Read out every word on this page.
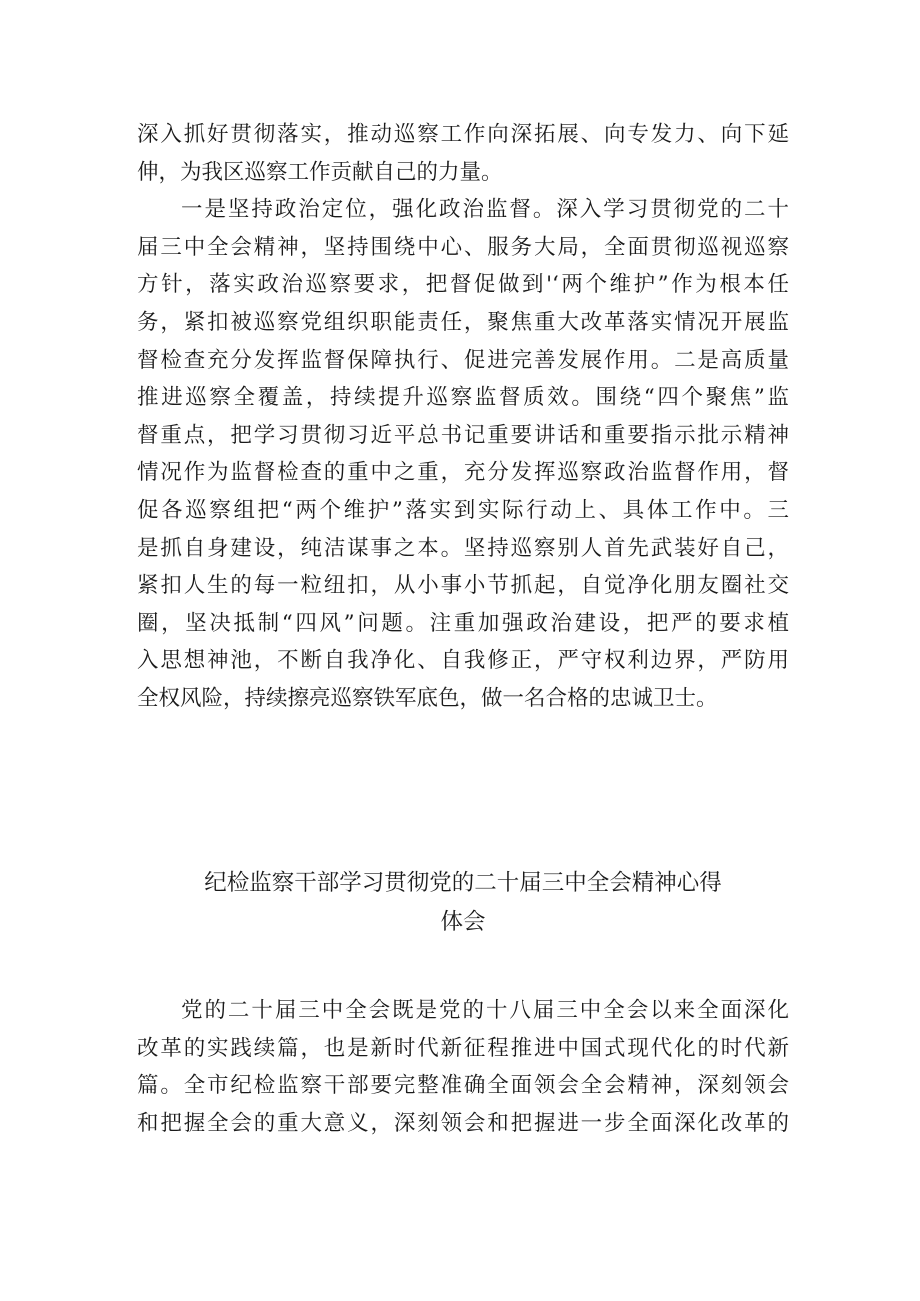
深入抓好贯彻落实，推动巡察工作向深拓展、向专发力、向下延
伸，为我区巡察工作贡献自己的力量。
一是坚持政治定位，强化政治监督。深入学习贯彻党的二十
届三中全会精神，坚持围绕中心、服务大局，全面贯彻巡视巡察
方针，落实政治巡察要求，把督促做到'‘两个维护”作为根本任
务，紧扣被巡察党组织职能责任，聚焦重大改革落实情况开展监
督检查充分发挥监督保障执行、促进完善发展作用。二是高质量
推进巡察全覆盖，持续提升巡察监督质效。围绕“四个聚焦”监
督重点，把学习贯彻习近平总书记重要讲话和重要指示批示精神
情况作为监督检查的重中之重，充分发挥巡察政治监督作用，督
促各巡察组把“两个维护”落实到实际行动上、具体工作中。三
是抓自身建设，纯洁谋事之本。坚持巡察别人首先武装好自己，
紧扣人生的每一粒纽扣，从小事小节抓起，自觉净化朋友圈社交
圈，坚决抵制“四风”问题。注重加强政治建设，把严的要求植
入思想神池，不断自我净化、自我修正，严守权利边界，严防用
全权风险，持续擦亮巡察铁军底色，做一名合格的忠诚卫士。
纪检监察干部学习贯彻党的二十届三中全会精神心得
体会
党的二十届三中全会既是党的十八届三中全会以来全面深化
改革的实践续篇，也是新时代新征程推进中国式现代化的时代新
篇。全市纪检监察干部要完整准确全面领会全会精神，深刻领会
和把握全会的重大意义，深刻领会和把握进一步全面深化改革的
